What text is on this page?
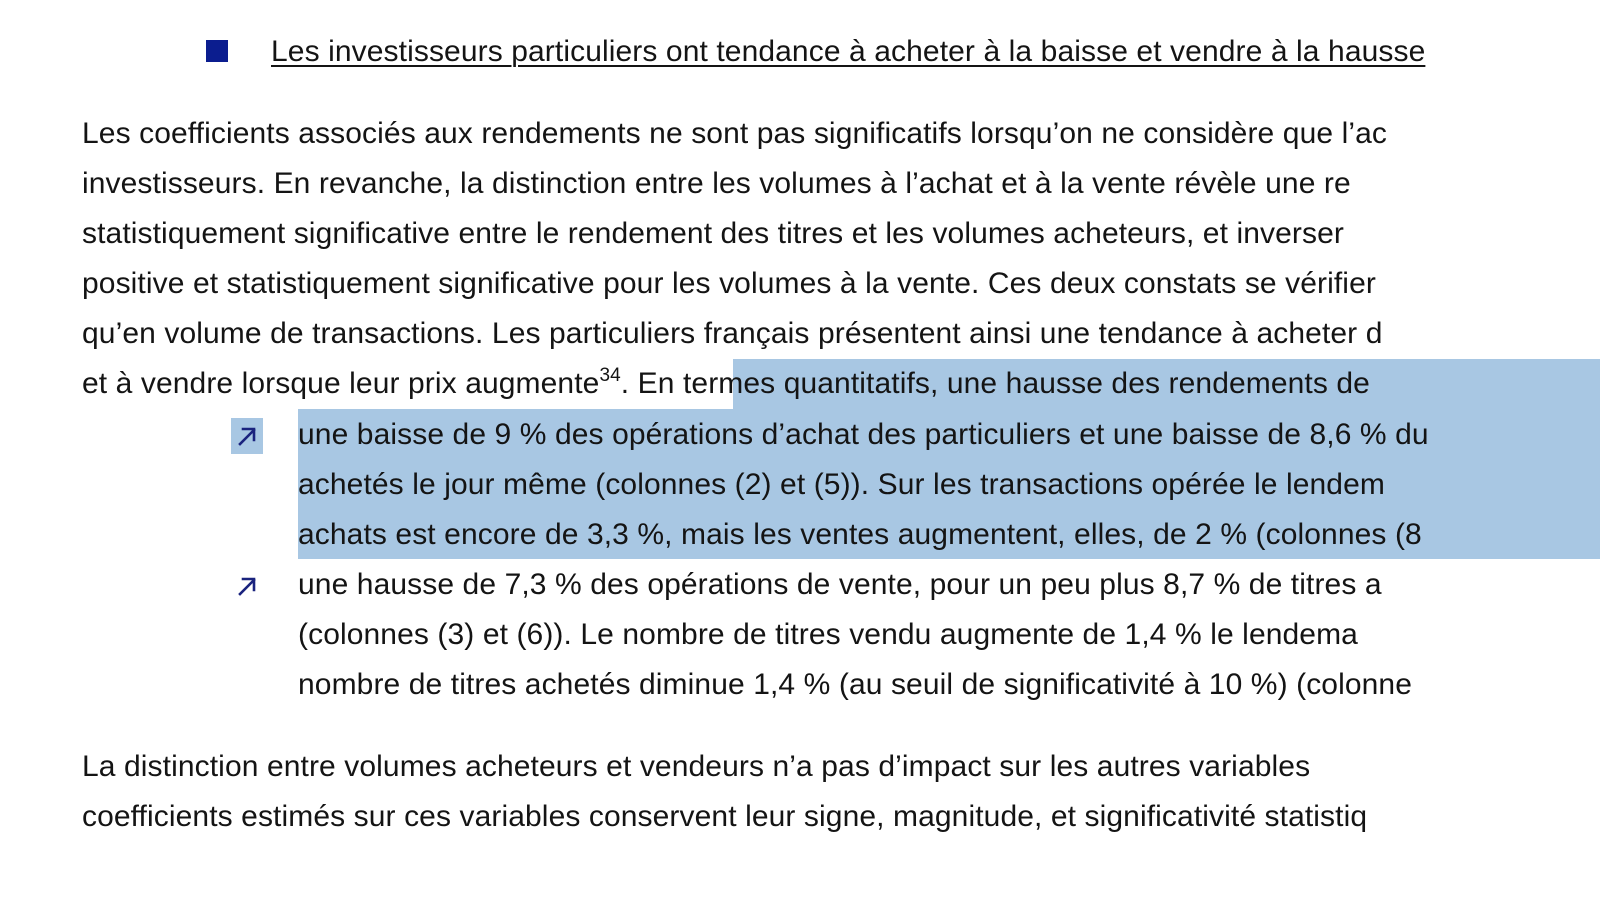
Les investisseurs particuliers ont tendance à acheter à la baisse et vendre à la hausse
Les coefficients associés aux rendements ne sont pas significatifs lorsqu’on ne considère que l’ac
investisseurs. En revanche, la distinction entre les volumes à l’achat et à la vente révèle une re
statistiquement significative entre le rendement des titres et les volumes acheteurs, et inverser
positive et statistiquement significative pour les volumes à la vente. Ces deux constats se vérifier
qu’en volume de transactions. Les particuliers français présentent ainsi une tendance à acheter d
et à vendre lorsque leur prix augmente$^{34}$. En termes quantitatifs, une hausse des rendements de
une baisse de 9 % des opérations d’achat des particuliers et une baisse de 8,6 % du
achetés le jour même (colonnes (2) et (5)). Sur les transactions opérée le lendem
achats est encore de 3,3 %, mais les ventes augmentent, elles, de 2 % (colonnes (8
une hausse de 7,3 % des opérations de vente, pour un peu plus 8,7 % de titres a
(colonnes (3) et (6)). Le nombre de titres vendu augmente de 1,4 % le lendema
nombre de titres achetés diminue 1,4 % (au seuil de significativité à 10 %) (colonne
La distinction entre volumes acheteurs et vendeurs n’a pas d’impact sur les autres variables
coefficients estimés sur ces variables conservent leur signe, magnitude, et significativité statistiq
